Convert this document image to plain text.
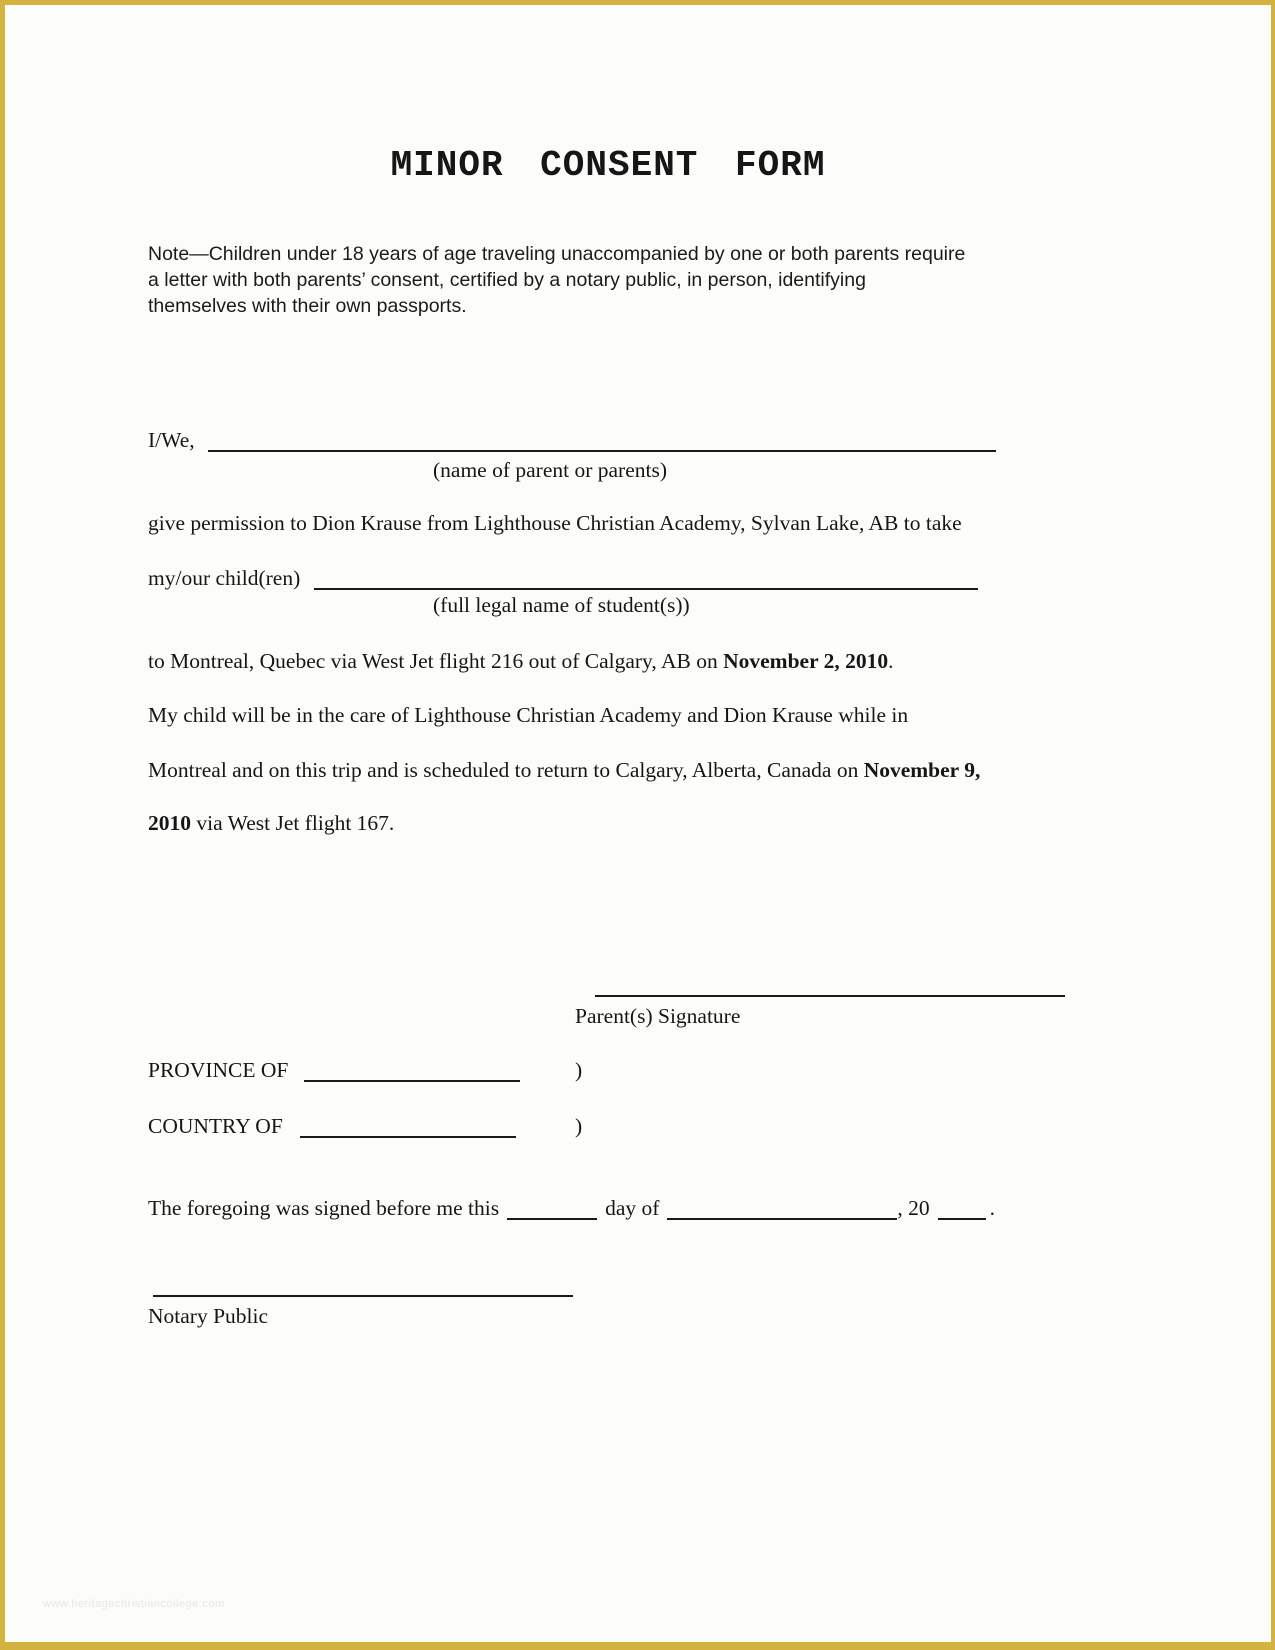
MINOR CONSENT FORM
Note—Children under 18 years of age traveling unaccompanied by one or both parents require
a letter with both parents’ consent, certified by a notary public, in person, identifying
themselves with their own passports.
I/We,
(name of parent or parents)
give permission to Dion Krause from Lighthouse Christian Academy, Sylvan Lake, AB to take
my/our child(ren)
(full legal name of student(s))
to Montreal, Quebec via West Jet flight 216 out of Calgary, AB on November 2, 2010.
My child will be in the care of Lighthouse Christian Academy and Dion Krause while in
Montreal and on this trip and is scheduled to return to Calgary, Alberta, Canada on November 9,
2010 via West Jet flight 167.
Parent(s) Signature
PROVINCE OF	)
COUNTRY OF	)
The foregoing was signed before me this	day of	, 20	.
Notary Public
www.heritagechristiancollege.com
